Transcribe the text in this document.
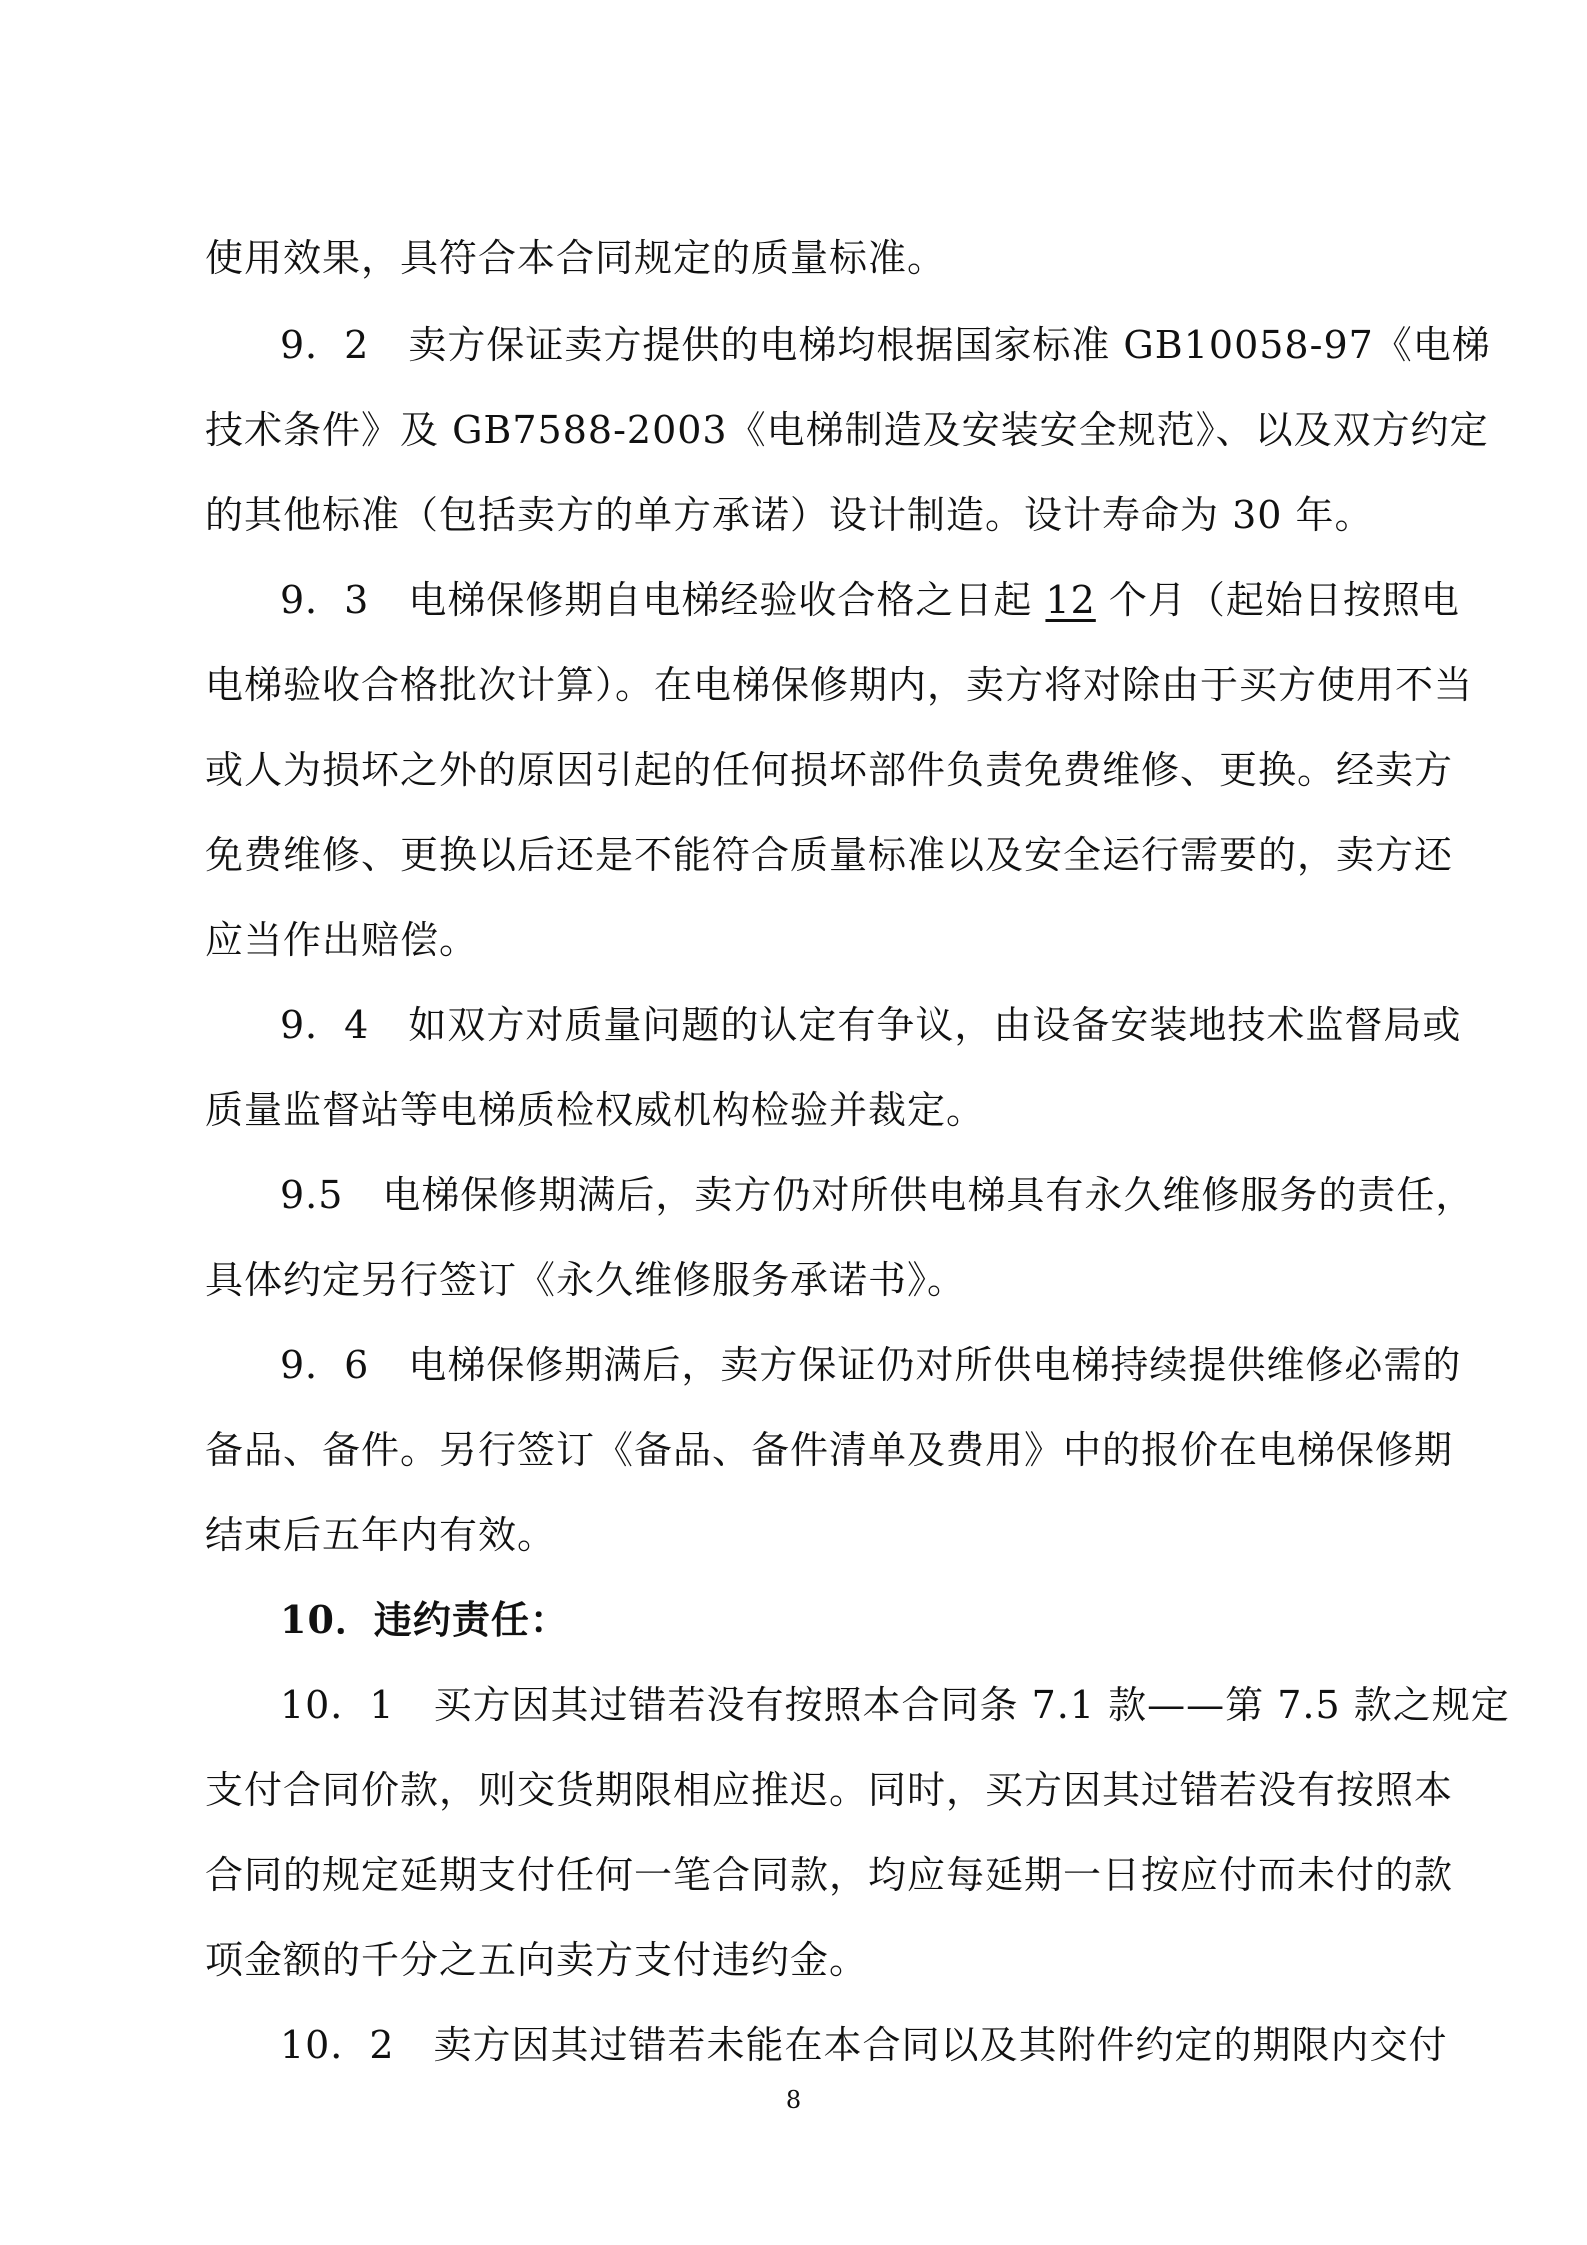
使用效果，具符合本合同规定的质量标准。
9．2　卖方保证卖方提供的电梯均根据国家标准 GB10058-97《电梯
技术条件》及 GB7588-2003《电梯制造及安装安全规范》、以及双方约定
的其他标准（包括卖方的单方承诺）设计制造。设计寿命为 30 年。
9．3　电梯保修期自电梯经验收合格之日起 12 个月（起始日按照电
电梯验收合格批次计算）。在电梯保修期内，卖方将对除由于买方使用不当
或人为损坏之外的原因引起的任何损坏部件负责免费维修、更换。经卖方
免费维修、更换以后还是不能符合质量标准以及安全运行需要的，卖方还
应当作出赔偿。
9．4　如双方对质量问题的认定有争议，由设备安装地技术监督局或
质量监督站等电梯质检权威机构检验并裁定。
9.5　电梯保修期满后，卖方仍对所供电梯具有永久维修服务的责任，
具体约定另行签订《永久维修服务承诺书》。
9．6　电梯保修期满后，卖方保证仍对所供电梯持续提供维修必需的
备品、备件。另行签订《备品、备件清单及费用》中的报价在电梯保修期
结束后五年内有效。
10．违约责任：
10．1　买方因其过错若没有按照本合同条 7.1 款——第 7.5 款之规定
支付合同价款，则交货期限相应推迟。同时，买方因其过错若没有按照本
合同的规定延期支付任何一笔合同款，均应每延期一日按应付而未付的款
项金额的千分之五向卖方支付违约金。
10．2　卖方因其过错若未能在本合同以及其附件约定的期限内交付
8
